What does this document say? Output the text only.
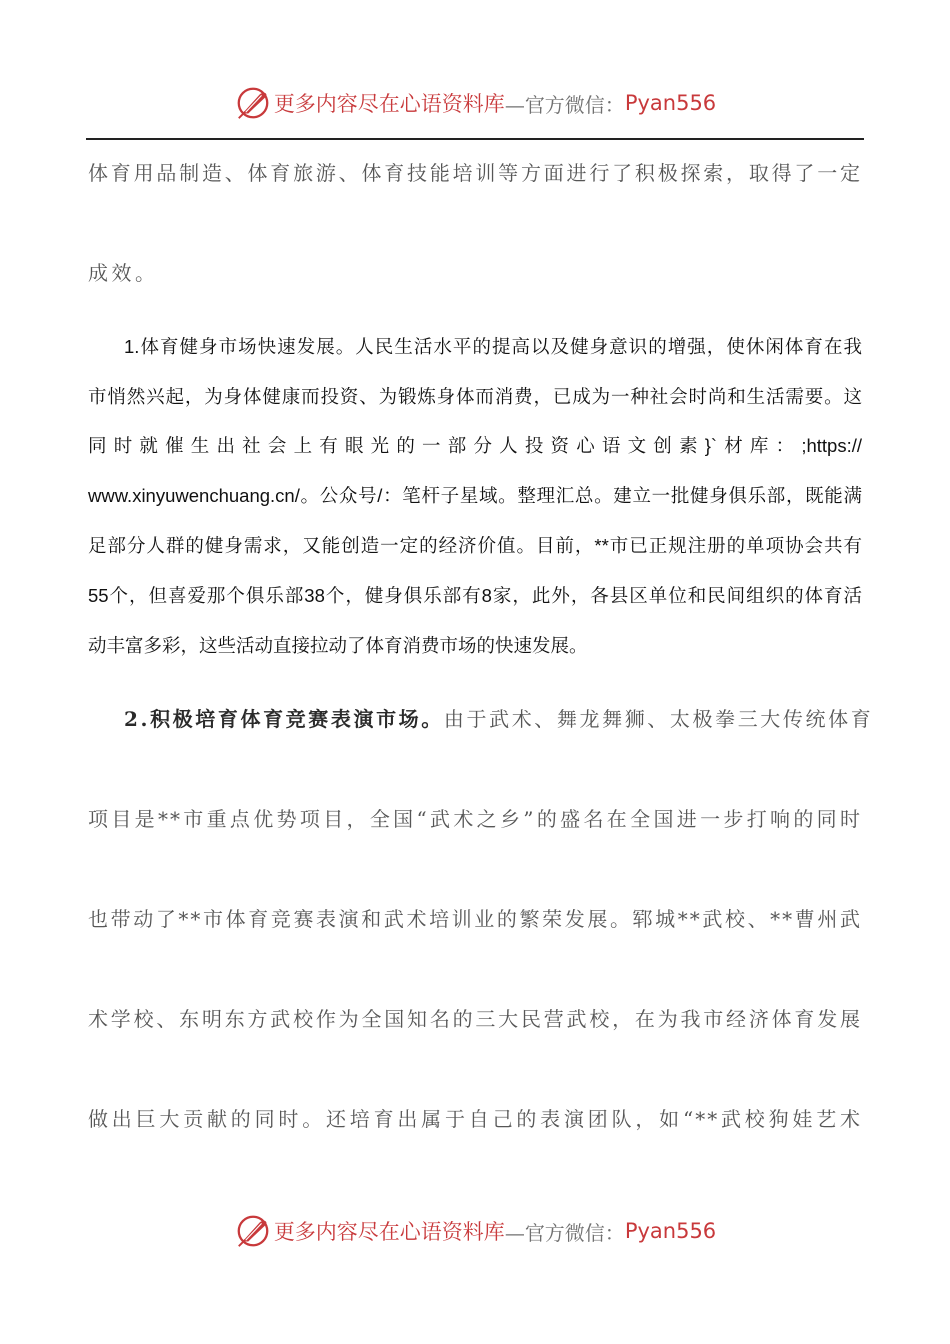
更多内容尽在心语资料库 —官方微信： Pyan556
体育用品制造、体育旅游、体育技能培训等方面进行了积极探索，取得了一定
成效。
1.体育健身市场快速发展。人民生活水平的提高以及健身意识的增强，使休闲体育在我
市悄然兴起，为身体健康而投资、为锻炼身体而消费，已成为一种社会时尚和生活需要。这
同时就催生出社会上有眼光的一部分人投资心语文创素}`材库：;https://
www.xinyuwenchuang.cn/。公众号/：笔杆子星域。整理汇总。建立一批健身俱乐部，既能满
足部分人群的健身需求，又能创造一定的经济价值。目前，**市已正规注册的单项协会共有
55个，但喜爱那个俱乐部38个，健身俱乐部有8家，此外，各县区单位和民间组织的体育活
动丰富多彩，这些活动直接拉动了体育消费市场的快速发展。
2.积极培育体育竞赛表演市场。由于武术、舞龙舞狮、太极拳三大传统体育
项目是**市重点优势项目，全国“武术之乡”的盛名在全国进一步打响的同时
也带动了**市体育竞赛表演和武术培训业的繁荣发展。郓城**武校、**曹州武
术学校、东明东方武校作为全国知名的三大民营武校，在为我市经济体育发展
做出巨大贡献的同时。还培育出属于自己的表演团队，如“**武校狗娃艺术
更多内容尽在心语资料库 —官方微信： Pyan556
